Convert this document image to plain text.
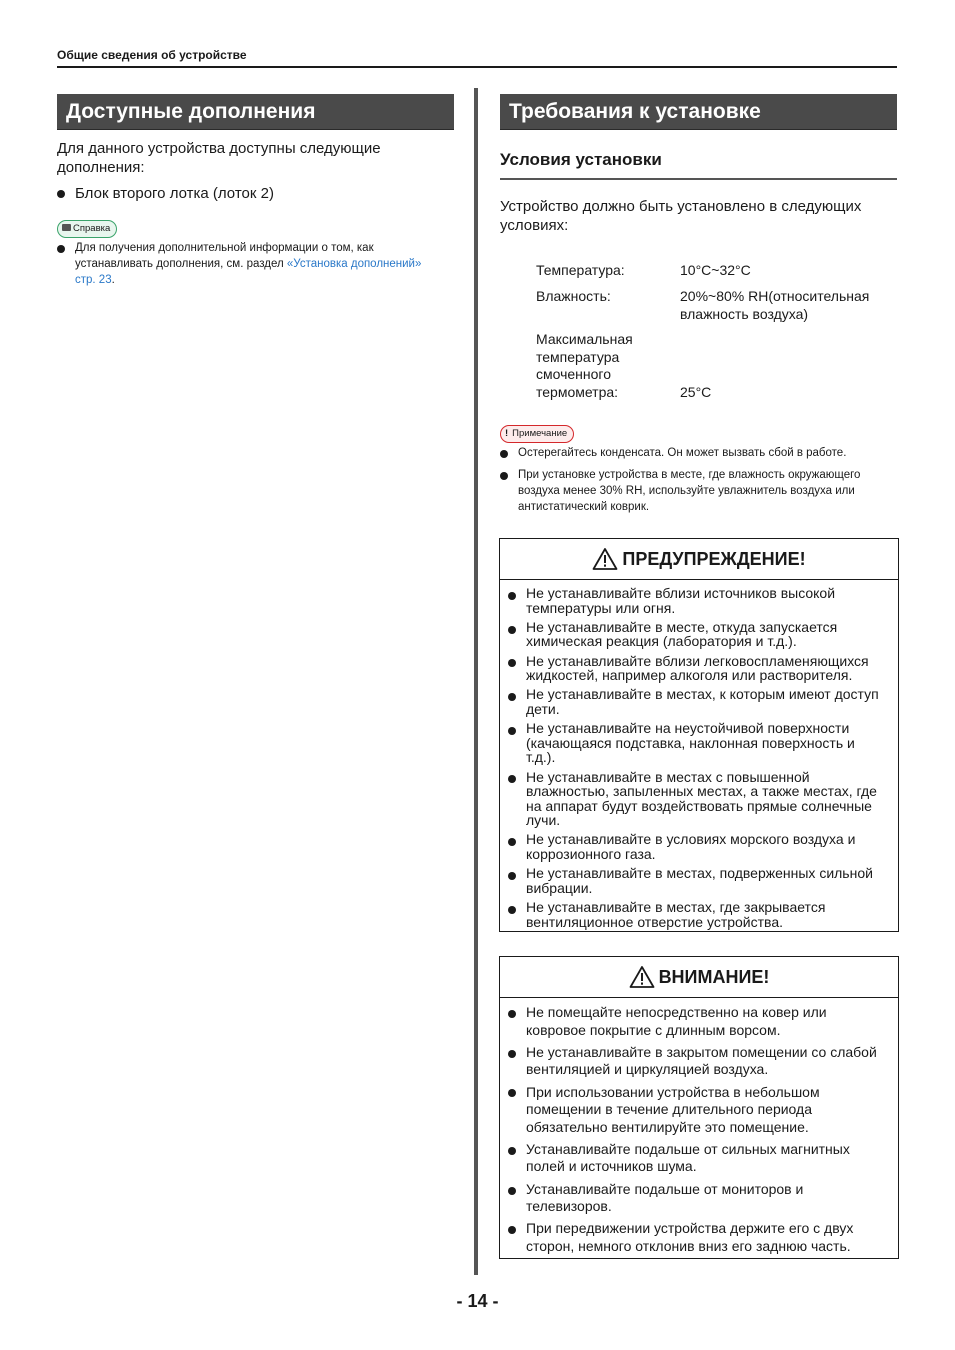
Общие сведения об устройстве
Доступные дополнения
Для данного устройства доступны следующие дополнения:
Блок второго лотка (лоток 2)
Справка
Для получения дополнительной информации о том, как устанавливать дополнения, см. раздел «Установка дополнений» стр. 23.
Требования к установке
Условия установки
Устройство должно быть установлено в следующих условиях:
Температура:	10°C~32°C
Влажность:	20%~80% RH(относительная влажность воздуха)
Максимальная температура смоченного термометра:	25°C
! Примечание
Остерегайтесь конденсата. Он может вызвать сбой в работе.
При установке устройства в месте, где влажность окружающего воздуха менее 30% RH, используйте увлажнитель воздуха или антистатический коврик.
ПРЕДУПРЕЖДЕНИЕ!
Не устанавливайте вблизи источников высокой температуры или огня.
Не устанавливайте в месте, откуда запускается химическая реакция (лаборатория и т.д.).
Не устанавливайте вблизи легковоспламеняющихся жидкостей, например алкоголя или растворителя.
Не устанавливайте в местах, к которым имеют доступ дети.
Не устанавливайте на неустойчивой поверхности (качающаяся подставка, наклонная поверхность и т.д.).
Не устанавливайте в местах с повышенной влажностью, запыленных местах, а также местах, где на аппарат будут воздействовать прямые солнечные лучи.
Не устанавливайте в условиях морского воздуха и коррозионного газа.
Не устанавливайте в местах, подверженных сильной вибрации.
Не устанавливайте в местах, где закрывается вентиляционное отверстие устройства.
ВНИМАНИЕ!
Не помещайте непосредственно на ковер или ковровое покрытие с длинным ворсом.
Не устанавливайте в закрытом помещении со слабой вентиляцией и циркуляцией воздуха.
При использовании устройства в небольшом помещении в течение длительного периода обязательно вентилируйте это помещение.
Устанавливайте подальше от сильных магнитных полей и источников шума.
Устанавливайте подальше от мониторов и телевизоров.
При передвижении устройства держите его с двух сторон, немного отклонив вниз его заднюю часть.
- 14 -
